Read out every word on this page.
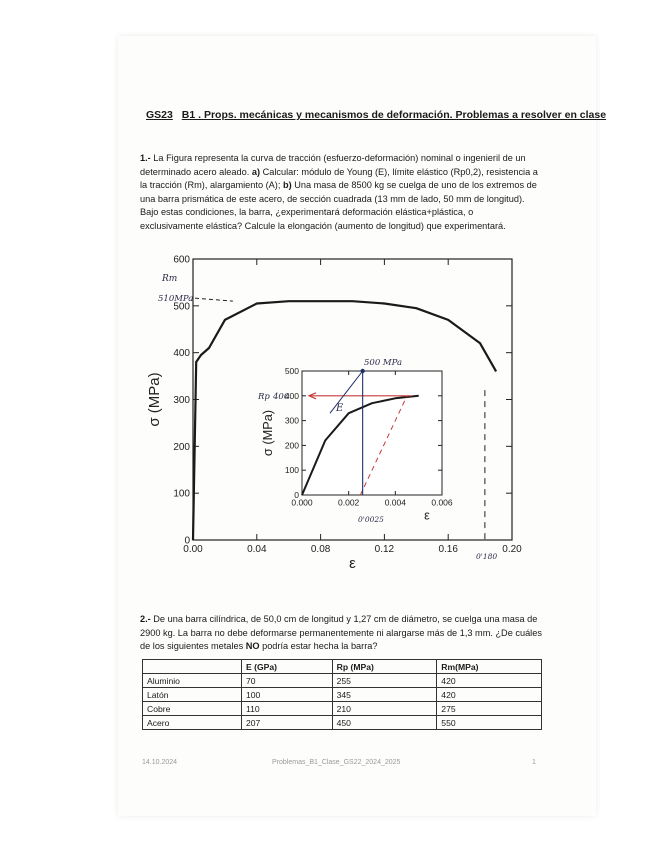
GS23 B1 . Props. mecánicas y mecanismos de deformación. Problemas a resolver en clase
1.- La Figura representa la curva de tracción (esfuerzo-deformación) nominal o ingenieril de un determinado acero aleado. a) Calcular: módulo de Young (E), límite elástico (Rp0,2), resistencia a la tracción (Rm), alargamiento (A); b) Una masa de 8500 kg se cuelga de uno de los extremos de una barra prismática de este acero, de sección cuadrada (13 mm de lado, 50 mm de longitud). Bajo estas condiciones, la barra, ¿experimentará deformación elástica+plástica, o exclusivamente elástica? Calcule la elongación (aumento de longitud) que experimentará.
0.00	0.04	0.08	0.12	0.16	0.20
0
100
200
300
400
500
600
ε
σ (MPa)
0.000	0.002	0.004	0.006
0
100
200
300
400
500
ε
σ (MPa)
Rm
510MPa
0'180
500 MPa
Rp 400
E
0'0025
2.- De una barra cilíndrica, de 50,0 cm de longitud y 1,27 cm de diámetro, se cuelga una masa de 2900 kg. La barra no debe deformarse permanentemente ni alargarse más de 1,3 mm. ¿De cuáles de los siguientes metales NO podría estar hecha la barra?
	E (GPa)	Rp (MPa)	Rm(MPa)
Aluminio	70	255	420
Latón	100	345	420
Cobre	110	210	275
Acero	207	450	550
14.10.2024	Problemas_B1_Clase_GS22_2024_2025	1
